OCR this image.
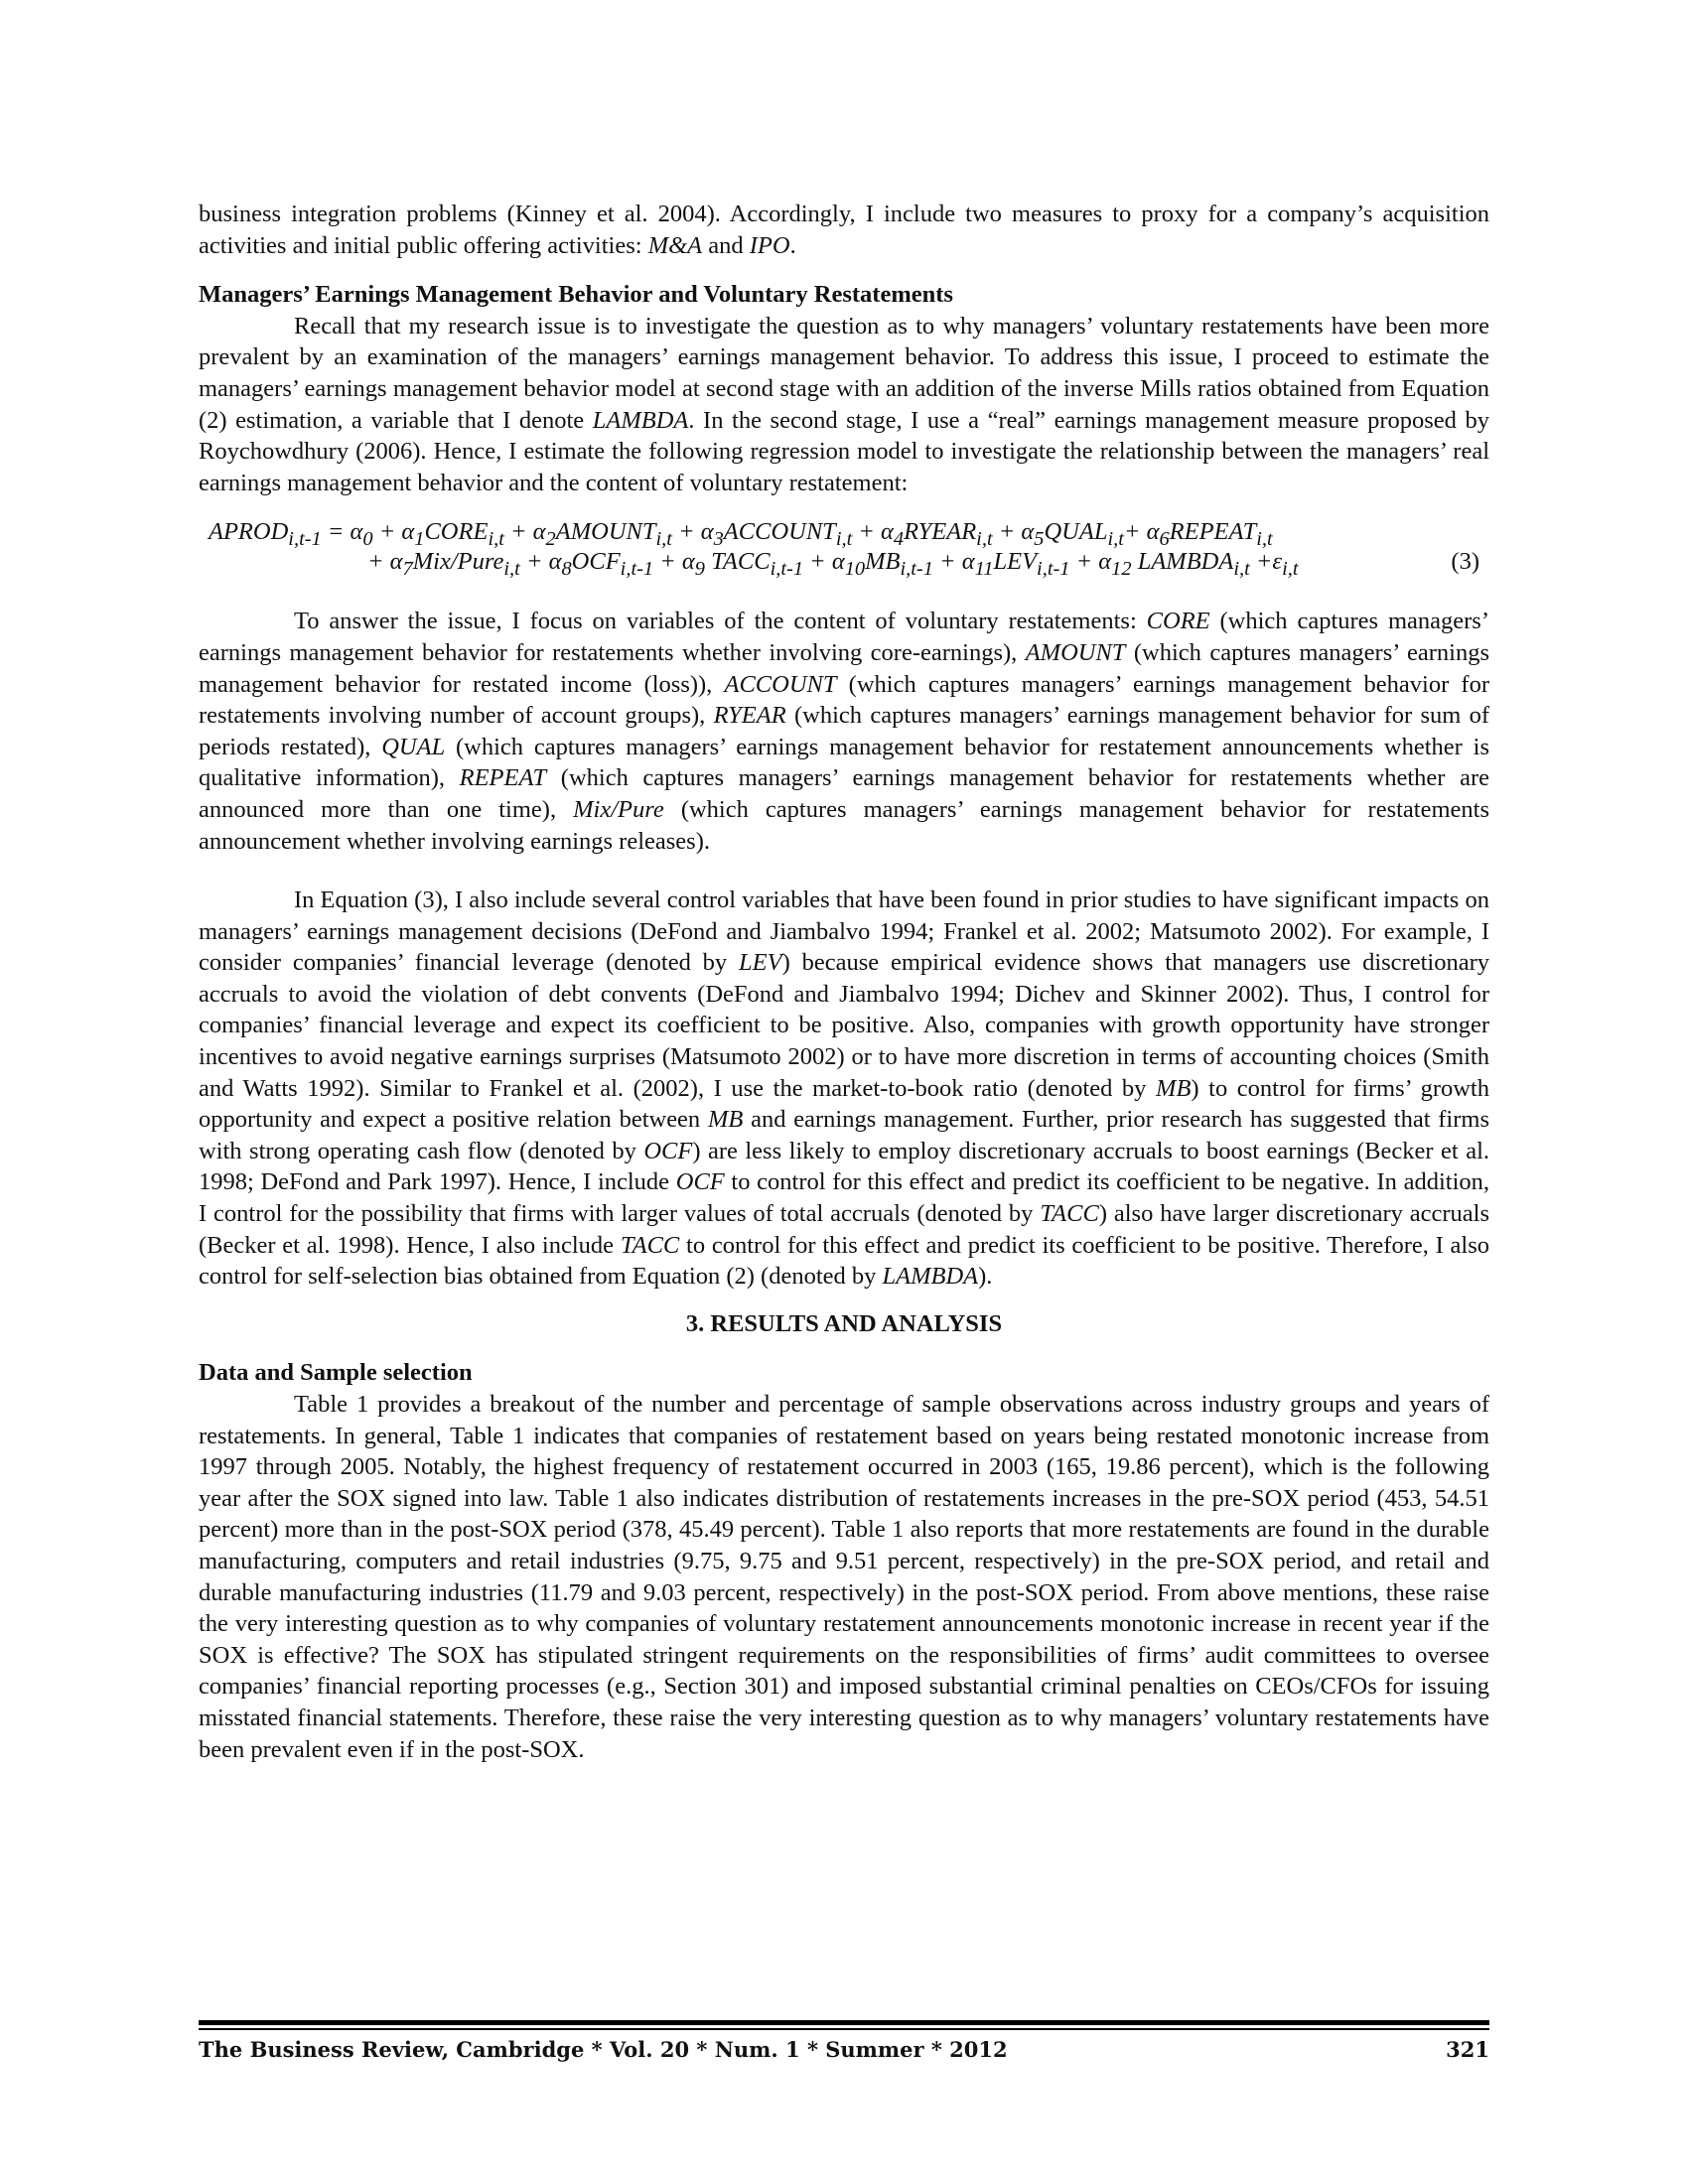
business integration problems (Kinney et al. 2004). Accordingly, I include two measures to proxy for a company’s acquisition activities and initial public offering activities: M&A and IPO.

Managers’ Earnings Management Behavior and Voluntary Restatements

Recall that my research issue is to investigate the question as to why managers’ voluntary restatements have been more prevalent by an examination of the managers’ earnings management behavior. To address this issue, I proceed to estimate the managers’ earnings management behavior model at second stage with an addition of the inverse Mills ratios obtained from Equation (2) estimation, a variable that I denote LAMBDA. In the second stage, I use a “real” earnings management measure proposed by Roychowdhury (2006). Hence, I estimate the following regression model to investigate the relationship between the managers’ real earnings management behavior and the content of voluntary restatement:

$APROD_{i,t-1} = \alpha_0$ + $\alpha_1CORE_{i,t}$ + $\alpha_2AMOUNT_{i,t}$ + $\alpha_3ACCOUNT_{i,t}$ + $\alpha_4RYEAR_{i,t}$ + $\alpha_5QUAL_{i,t}+$ $\alpha_6REPEAT_{i,t}$
+ $\alpha_7Mix/Pure_{i,t} + \alpha_8OCF_{i,t-1} + \alpha_9$ $TACC_{i,t-1} + \alpha_{10}MB_{i,t-1} + \alpha_{11}LEV_{i,t-1} + \alpha_{12}$ $LAMBDA_{i,t} +\varepsilon_{i,t}$	(3)

To answer the issue, I focus on variables of the content of voluntary restatements: CORE (which captures managers’ earnings management behavior for restatements whether involving core-earnings), AMOUNT (which captures managers’ earnings management behavior for restated income (loss)), ACCOUNT (which captures managers’ earnings management behavior for restatements involving number of account groups), RYEAR (which captures managers’ earnings management behavior for sum of periods restated), QUAL (which captures managers’ earnings management behavior for restatement announcements whether is qualitative information), REPEAT (which captures managers’ earnings management behavior for restatements whether are announced more than one time), Mix/Pure (which captures managers’ earnings management behavior for restatements announcement whether involving earnings releases).

In Equation (3), I also include several control variables that have been found in prior studies to have significant impacts on managers’ earnings management decisions (DeFond and Jiambalvo 1994; Frankel et al. 2002; Matsumoto 2002). For example, I consider companies’ financial leverage (denoted by LEV) because empirical evidence shows that managers use discretionary accruals to avoid the violation of debt convents (DeFond and Jiambalvo 1994; Dichev and Skinner 2002). Thus, I control for companies’ financial leverage and expect its coefficient to be positive. Also, companies with growth opportunity have stronger incentives to avoid negative earnings surprises (Matsumoto 2002) or to have more discretion in terms of accounting choices (Smith and Watts 1992). Similar to Frankel et al. (2002), I use the market-to-book ratio (denoted by MB) to control for firms’ growth opportunity and expect a positive relation between MB and earnings management. Further, prior research has suggested that firms with strong operating cash flow (denoted by OCF) are less likely to employ discretionary accruals to boost earnings (Becker et al. 1998; DeFond and Park 1997). Hence, I include OCF to control for this effect and predict its coefficient to be negative. In addition, I control for the possibility that firms with larger values of total accruals (denoted by TACC) also have larger discretionary accruals (Becker et al. 1998). Hence, I also include TACC to control for this effect and predict its coefficient to be positive. Therefore, I also control for self-selection bias obtained from Equation (2) (denoted by LAMBDA).

3. RESULTS AND ANALYSIS
Data and Sample selection

Table 1 provides a breakout of the number and percentage of sample observations across industry groups and years of restatements. In general, Table 1 indicates that companies of restatement based on years being restated monotonic increase from 1997 through 2005. Notably, the highest frequency of restatement occurred in 2003 (165, 19.86 percent), which is the following year after the SOX signed into law. Table 1 also indicates distribution of restatements increases in the pre-SOX period (453, 54.51 percent) more than in the post-SOX period (378, 45.49 percent). Table 1 also reports that more restatements are found in the durable manufacturing, computers and retail industries (9.75, 9.75 and 9.51 percent, respectively) in the pre-SOX period, and retail and durable manufacturing industries (11.79 and 9.03 percent, respectively) in the post-SOX period. From above mentions, these raise the very interesting question as to why companies of voluntary restatement announcements monotonic increase in recent year if the SOX is effective? The SOX has stipulated stringent requirements on the responsibilities of firms’ audit committees to oversee companies’ financial reporting processes (e.g., Section 301) and imposed substantial criminal penalties on CEOs/CFOs for issuing misstated financial statements. Therefore, these raise the very interesting question as to why managers’ voluntary restatements have been prevalent even if in the post-SOX.

The Business Review, Cambridge * Vol. 20 * Num. 1 * Summer * 2012	321
